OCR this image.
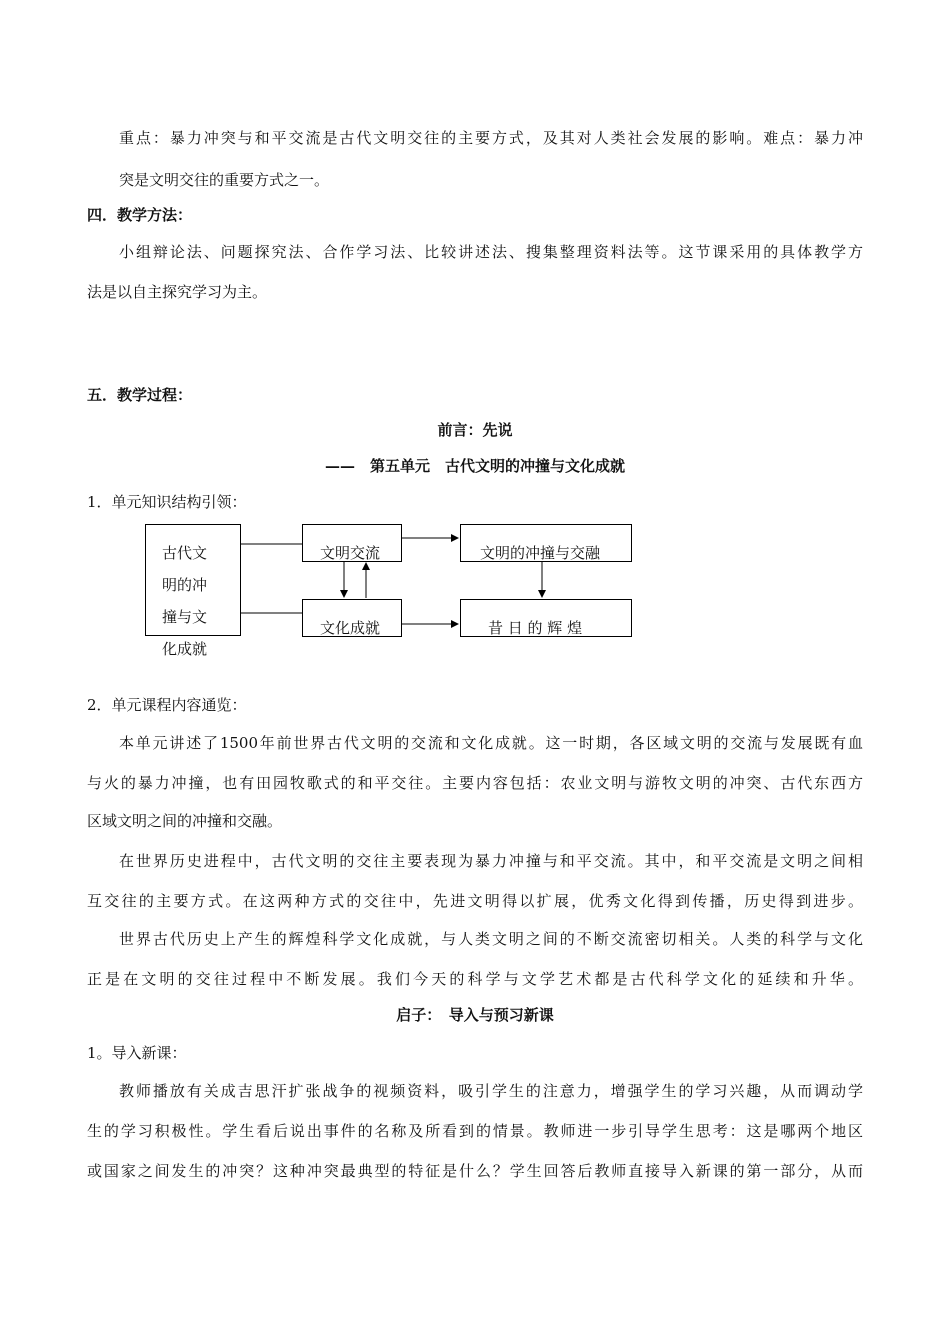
重点：暴力冲突与和平交流是古代文明交往的主要方式，及其对人类社会发展的影响。难点：暴力冲
突是文明交往的重要方式之一。
四．教学方法：
小组辩论法、问题探究法、合作学习法、比较讲述法、搜集整理资料法等。这节课采用的具体教学方
法是以自主探究学习为主。
五．教学过程：
前言：先说
——　第五单元　古代文明的冲撞与文化成就
1．单元知识结构引领：
古代文
明的冲
撞与文
化成就
文明交流	文明的冲撞与交融
文化成就	昔 日 的 辉 煌
2．单元课程内容通览：
本单元讲述了1500年前世界古代文明的交流和文化成就。这一时期，各区域文明的交流与发展既有血
与火的暴力冲撞，也有田园牧歌式的和平交往。主要内容包括：农业文明与游牧文明的冲突、古代东西方
区域文明之间的冲撞和交融。
在世界历史进程中，古代文明的交往主要表现为暴力冲撞与和平交流。其中，和平交流是文明之间相
互交往的主要方式。在这两种方式的交往中，先进文明得以扩展，优秀文化得到传播，历史得到进步。
世界古代历史上产生的辉煌科学文化成就，与人类文明之间的不断交流密切相关。人类的科学与文化
正是在文明的交往过程中不断发展。我们今天的科学与文学艺术都是古代科学文化的延续和升华。
启子：　导入与预习新课
1。导入新课：
教师播放有关成吉思汗扩张战争的视频资料，吸引学生的注意力，增强学生的学习兴趣，从而调动学
生的学习积极性。学生看后说出事件的名称及所看到的情景。教师进一步引导学生思考：这是哪两个地区
或国家之间发生的冲突？这种冲突最典型的特征是什么？学生回答后教师直接导入新课的第一部分，从而
